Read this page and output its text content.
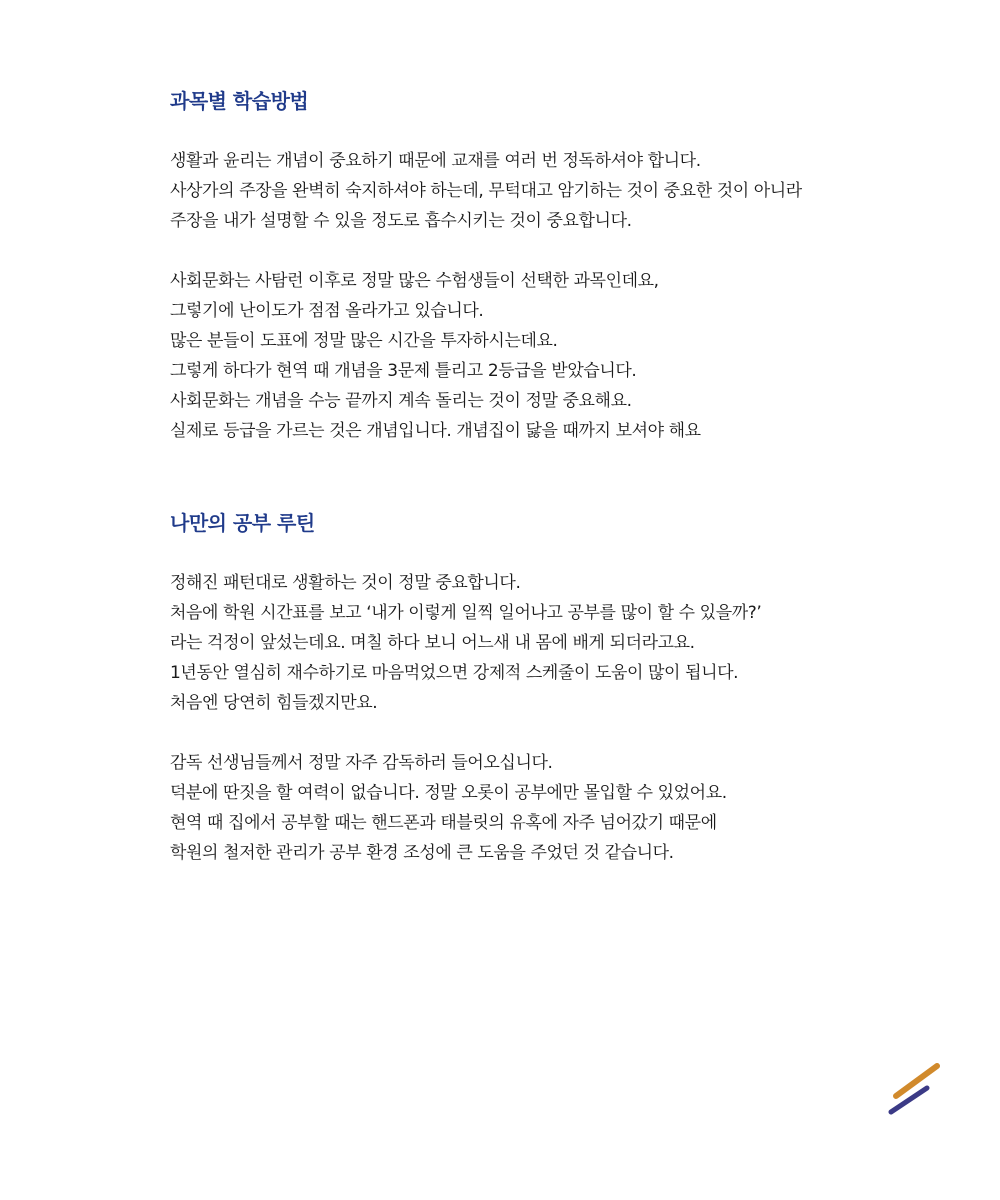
과목별 학습방법

생활과 윤리는 개념이 중요하기 때문에 교재를 여러 번 정독하셔야 합니다.
사상가의 주장을 완벽히 숙지하셔야 하는데, 무턱대고 암기하는 것이 중요한 것이 아니라
주장을 내가 설명할 수 있을 정도로 흡수시키는 것이 중요합니다.

사회문화는 사탐런 이후로 정말 많은 수험생들이 선택한 과목인데요,
그렇기에 난이도가 점점 올라가고 있습니다.
많은 분들이 도표에 정말 많은 시간을 투자하시는데요.
그렇게 하다가 현역 때 개념을 3문제 틀리고 2등급을 받았습니다.
사회문화는 개념을 수능 끝까지 계속 돌리는 것이 정말 중요해요.
실제로 등급을 가르는 것은 개념입니다. 개념집이 닳을 때까지 보셔야 해요

나만의 공부 루틴

정해진 패턴대로 생활하는 것이 정말 중요합니다.
처음에 학원 시간표를 보고 ‘내가 이렇게 일찍 일어나고 공부를 많이 할 수 있을까?’
라는 걱정이 앞섰는데요. 며칠 하다 보니 어느새 내 몸에 배게 되더라고요.
1년동안 열심히 재수하기로 마음먹었으면 강제적 스케줄이 도움이 많이 됩니다.
처음엔 당연히 힘들겠지만요.

감독 선생님들께서 정말 자주 감독하러 들어오십니다.
덕분에 딴짓을 할 여력이 없습니다. 정말 오롯이 공부에만 몰입할 수 있었어요.
현역 때 집에서 공부할 때는 핸드폰과 태블릿의 유혹에 자주 넘어갔기 때문에
학원의 철저한 관리가 공부 환경 조성에 큰 도움을 주었던 것 같습니다.
